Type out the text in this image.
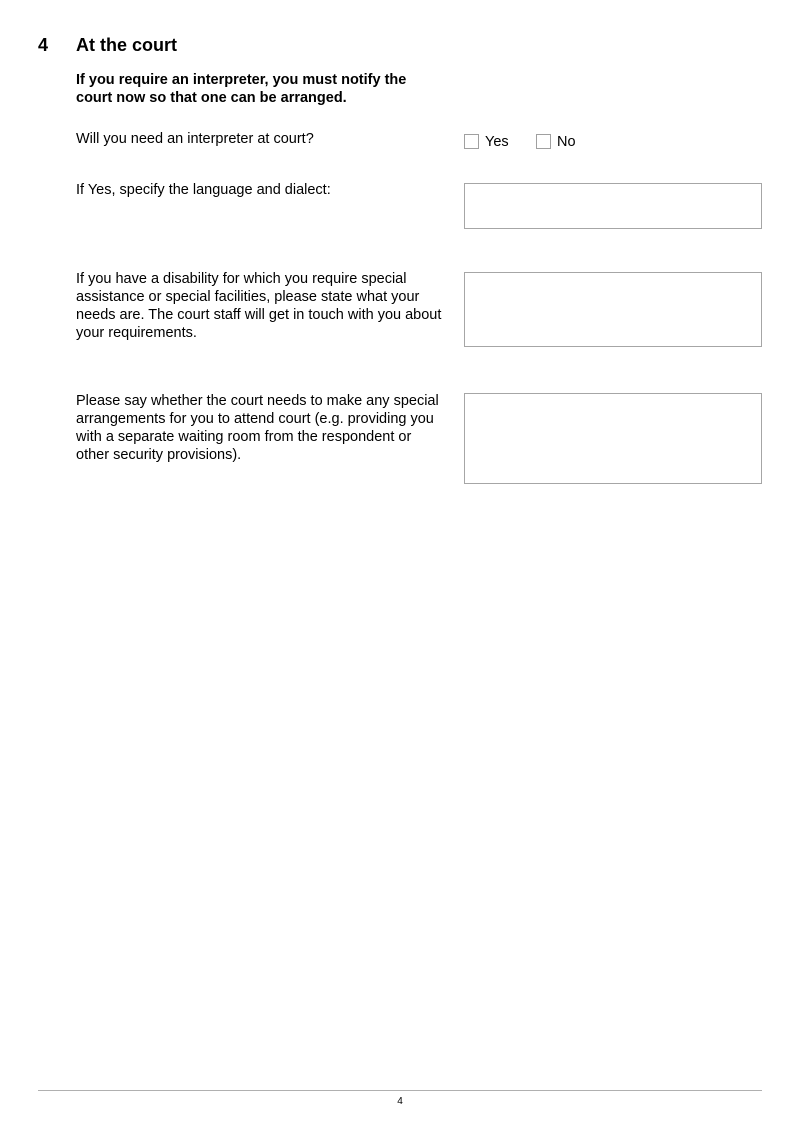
4 At the court
If you require an interpreter, you must notify the court now so that one can be arranged.
Will you need an interpreter at court?	Yes	No
If Yes, specify the language and dialect:
If you have a disability for which you require special assistance or special facilities, please state what your needs are. The court staff will get in touch with you about your requirements.
Please say whether the court needs to make any special arrangements for you to attend court (e.g. providing you with a separate waiting room from the respondent or other security provisions).
4
